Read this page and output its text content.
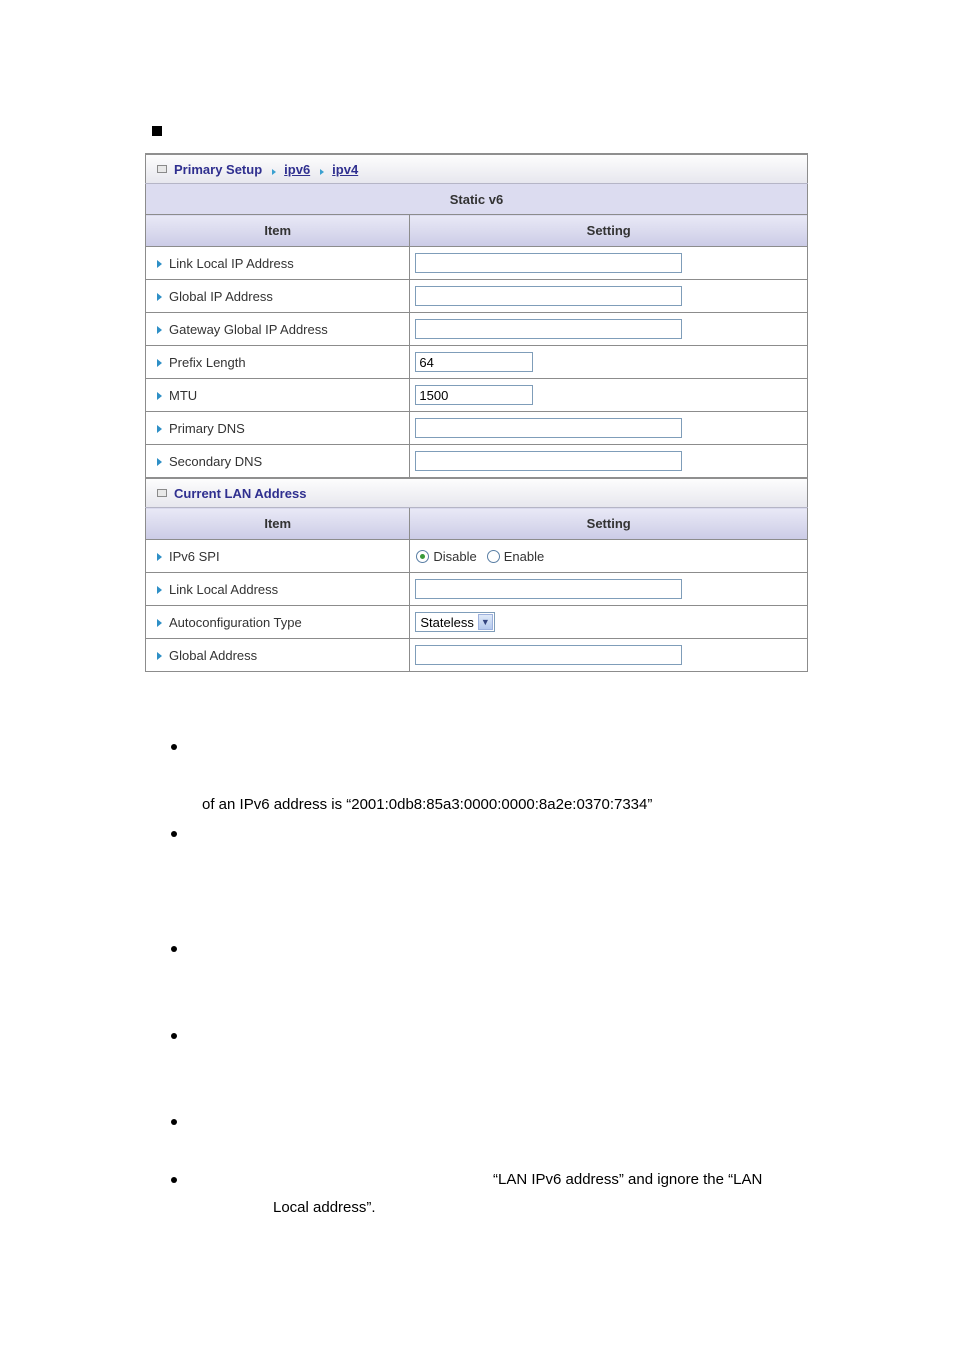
Primary Setup ipv6 ipv4	

Static v6	
Item	Setting
Link Local IP Address	
Global IP Address	
Gateway Global IP Address	
Prefix Length	64
MTU	1500
Primary DNS	
Secondary DNS	

Current LAN Address	

Item	Setting
IPv6 SPI	Disable Enable

Link Local Address	
Autoconfiguration Type	Stateless ▼

Global Address	
of an IPv6 address is “2001:0db8:85a3:0000:0000:8a2e:0370:7334”
“LAN IPv6 address” and ignore the “LAN
Local address”.
